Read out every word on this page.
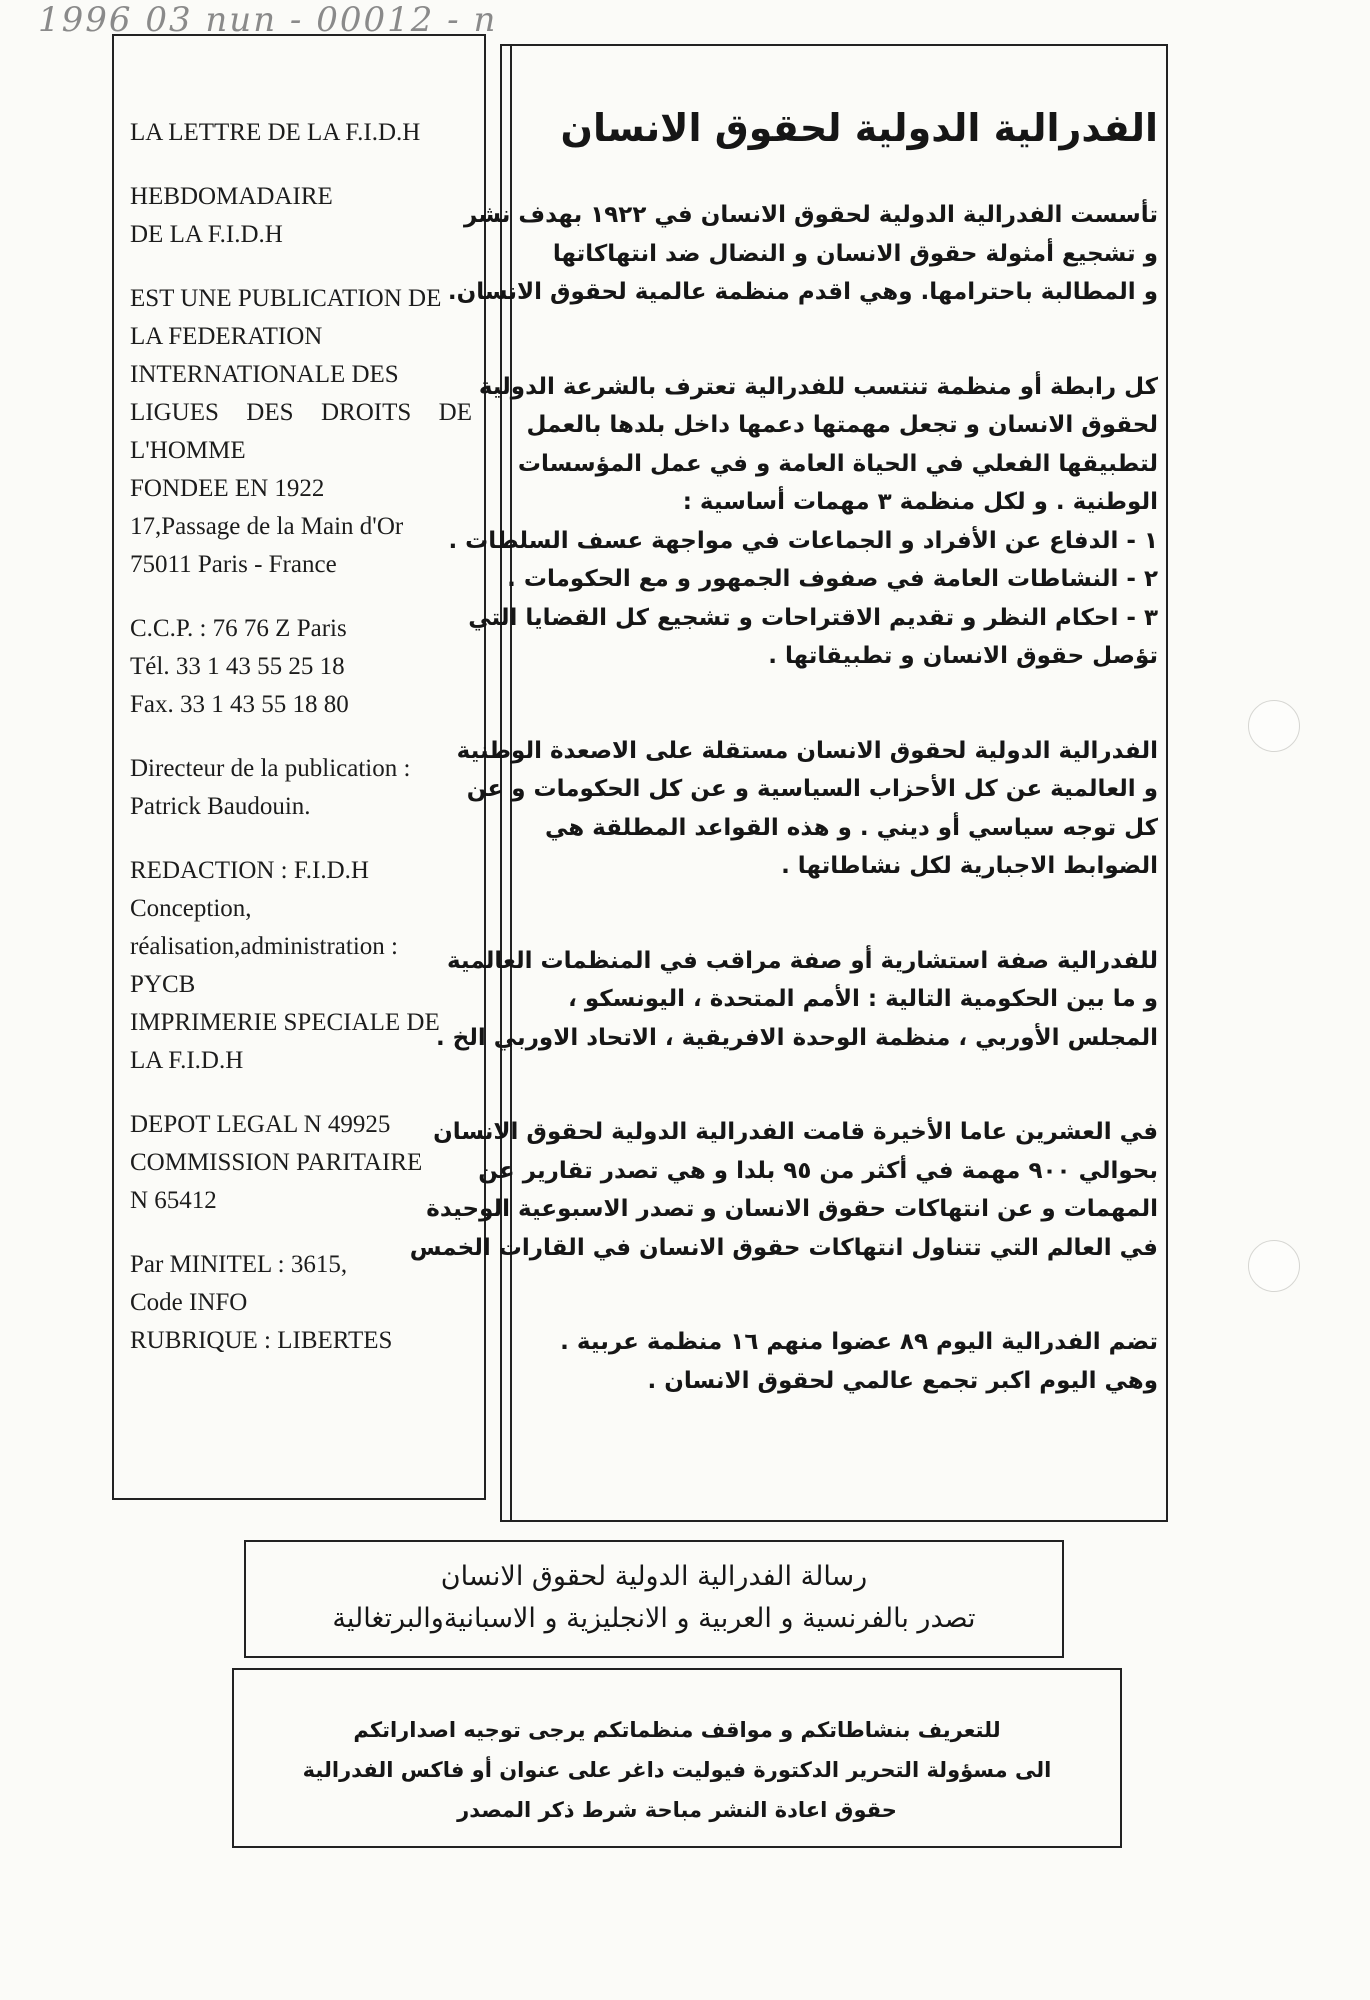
1996 03 nun - 00012 - n
LA LETTRE DE LA F.I.D.H
HEBDOMADAIRE
DE LA F.I.D.H
EST UNE PUBLICATION DE
LA FEDERATION
INTERNATIONALE DES
LIGUES DES DROITS DE
L'HOMME
FONDEE EN 1922
17,Passage de la Main d'Or
75011 Paris - France
C.C.P. : 76 76 Z Paris
Tél. 33 1 43 55 25 18
Fax. 33 1 43 55 18 80
Directeur de la publication :
Patrick Baudouin.
REDACTION : F.I.D.H
Conception,
réalisation,administration :
PYCB
IMPRIMERIE SPECIALE DE
LA F.I.D.H
DEPOT LEGAL N 49925
COMMISSION PARITAIRE
N 65412
Par MINITEL : 3615,
Code INFO
RUBRIQUE : LIBERTES
الفدرالية الدولية لحقوق الانسان
تأسست الفدرالية الدولية لحقوق الانسان في ١٩٢٢ بهدف نشر
و تشجيع أمثولة حقوق الانسان و النضال ضد انتهاكاتها
و المطالبة باحترامها. وهي اقدم منظمة عالمية لحقوق الانسان.
كل رابطة أو منظمة تنتسب للفدرالية تعترف بالشرعة الدولية
لحقوق الانسان و تجعل مهمتها دعمها داخل بلدها بالعمل
لتطبيقها الفعلي في الحياة العامة و في عمل المؤسسات
الوطنية . و لكل منظمة ٣ مهمات أساسية :
١ - الدفاع عن الأفراد و الجماعات في مواجهة عسف السلطات .
٢ - النشاطات العامة في صفوف الجمهور و مع الحكومات .
٣ - احكام النظر و تقديم الاقتراحات و تشجيع كل القضايا التي
تؤصل حقوق الانسان و تطبيقاتها .
الفدرالية الدولية لحقوق الانسان مستقلة على الاصعدة الوطنية
و العالمية عن كل الأحزاب السياسية و عن كل الحكومات و عن
كل توجه سياسي أو ديني . و هذه القواعد المطلقة هي
الضوابط الاجبارية لكل نشاطاتها .
للفدرالية صفة استشارية أو صفة مراقب في المنظمات العالمية
و ما بين الحكومية التالية : الأمم المتحدة ، اليونسكو ،
المجلس الأوربي ، منظمة الوحدة الافريقية ، الاتحاد الاوربي الخ .
في العشرين عاما الأخيرة قامت الفدرالية الدولية لحقوق الانسان
بحوالي ٩٠٠ مهمة في أكثر من ٩٥ بلدا و هي تصدر تقارير عن
المهمات و عن انتهاكات حقوق الانسان و تصدر الاسبوعية الوحيدة
في العالم التي تتناول انتهاكات حقوق الانسان في القارات الخمس
تضم الفدرالية اليوم ٨٩ عضوا منهم ١٦ منظمة عربية .
وهي اليوم اكبر تجمع عالمي لحقوق الانسان .
رسالة الفدرالية الدولية لحقوق الانسان
تصدر بالفرنسية و العربية و الانجليزية و الاسبانيةوالبرتغالية
للتعريف بنشاطاتكم و مواقف منظماتكم يرجى توجيه اصداراتكم
الى مسؤولة التحرير الدكتورة فيوليت داغر على عنوان أو فاكس الفدرالية
حقوق اعادة النشر مباحة شرط ذكر المصدر
